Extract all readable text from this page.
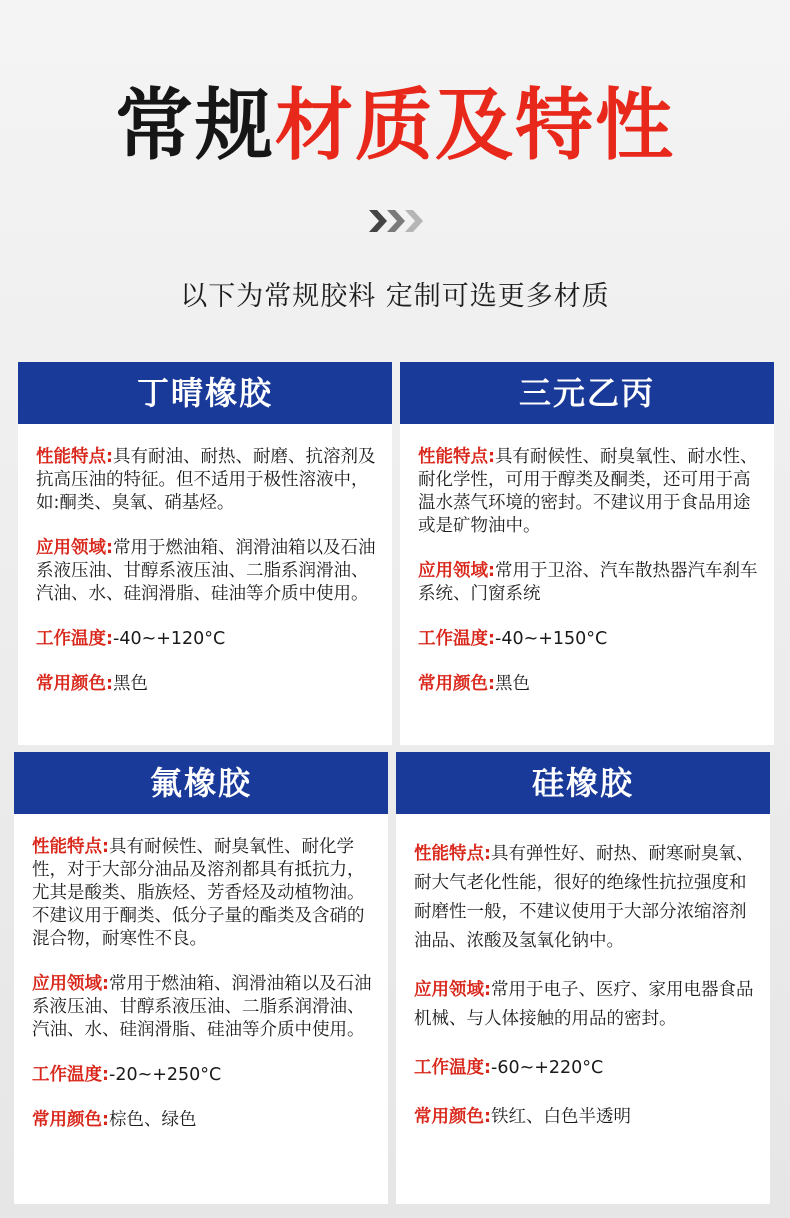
常规材质及特性
以下为常规胶料 定制可选更多材质
丁晴橡胶
性能特点:具有耐油、耐热、耐磨、抗溶剂及抗高压油的特征。但不适用于极性溶液中，如:酮类、臭氧、硝基烃。
应用领域:常用于燃油箱、润滑油箱以及石油系液压油、甘醇系液压油、二脂系润滑油、汽油、水、硅润滑脂、硅油等介质中使用。
工作温度:-40~+120°C
常用颜色:黑色
三元乙丙
性能特点:具有耐候性、耐臭氧性、耐水性、耐化学性，可用于醇类及酮类，还可用于高温水蒸气环境的密封。不建议用于食品用途或是矿物油中。
应用领域:常用于卫浴、汽车散热器汽车刹车系统、门窗系统
工作温度:-40~+150°C
常用颜色:黑色
氟橡胶
性能特点:具有耐候性、耐臭氧性、耐化学性，对于大部分油品及溶剂都具有抵抗力，尤其是酸类、脂族烃、芳香烃及动植物油。不建议用于酮类、低分子量的酯类及含硝的混合物，耐寒性不良。
应用领域:常用于燃油箱、润滑油箱以及石油系液压油、甘醇系液压油、二脂系润滑油、汽油、水、硅润滑脂、硅油等介质中使用。
工作温度:-20~+250°C
常用颜色:棕色、绿色
硅橡胶
性能特点:具有弹性好、耐热、耐寒耐臭氧、耐大气老化性能，很好的绝缘性抗拉强度和耐磨性一般，不建议使用于大部分浓缩溶剂油品、浓酸及氢氧化钠中。
应用领域:常用于电子、医疗、家用电器食品机械、与人体接触的用品的密封。
工作温度:-60~+220°C
常用颜色:铁红、白色半透明
